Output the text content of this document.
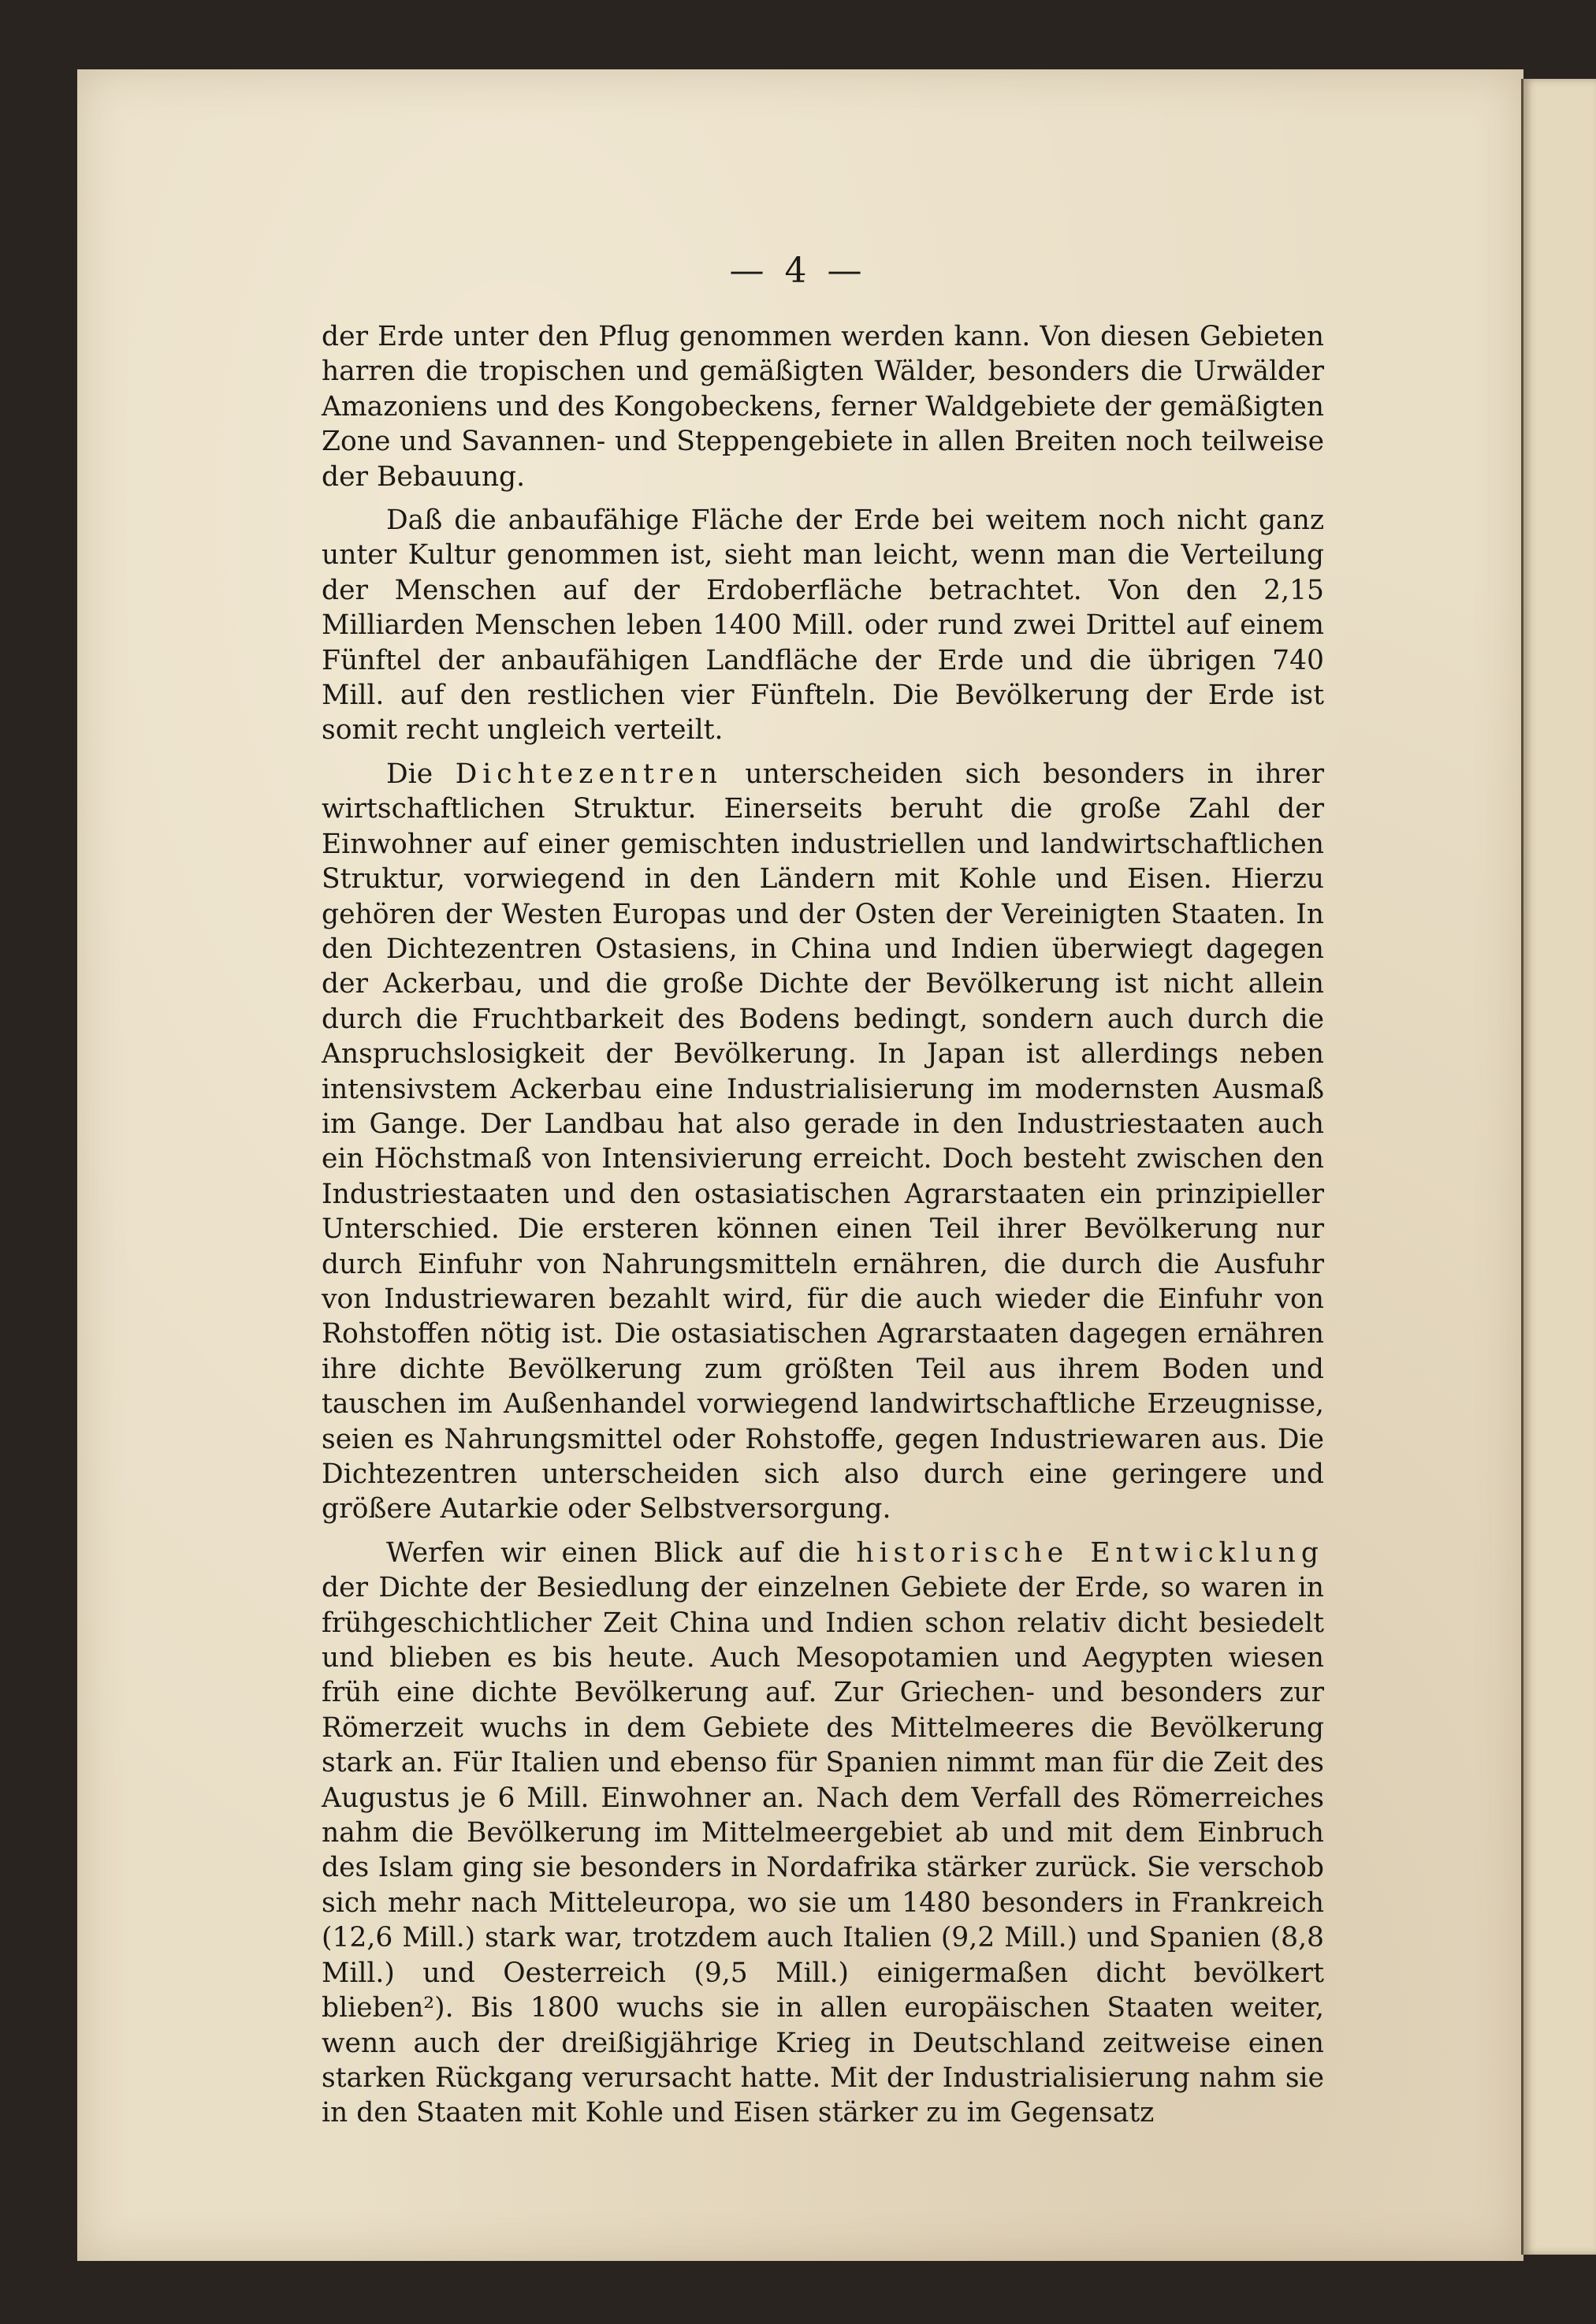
— 4 —

der Erde unter den Pflug genommen werden kann. Von diesen Gebieten harren die tropischen und gemäßigten Wälder, besonders die Urwälder Amazoniens und des Kongobeckens, ferner Waldgebiete der gemäßigten Zone und Savannen- und Steppengebiete in allen Breiten noch teilweise der Bebauung.

Daß die anbaufähige Fläche der Erde bei weitem noch nicht ganz unter Kultur genommen ist, sieht man leicht, wenn man die Verteilung der Menschen auf der Erdoberfläche betrachtet. Von den 2,15 Milliarden Menschen leben 1400 Mill. oder rund zwei Drittel auf einem Fünftel der anbaufähigen Landfläche der Erde und die übrigen 740 Mill. auf den restlichen vier Fünfteln. Die Bevölkerung der Erde ist somit recht ungleich verteilt.

Die Dichtezentren unterscheiden sich besonders in ihrer wirtschaftlichen Struktur. Einerseits beruht die große Zahl der Einwohner auf einer gemischten industriellen und landwirtschaftlichen Struktur, vorwiegend in den Ländern mit Kohle und Eisen. Hierzu gehören der Westen Europas und der Osten der Vereinigten Staaten. In den Dichtezentren Ostasiens, in China und Indien überwiegt dagegen der Ackerbau, und die große Dichte der Bevölkerung ist nicht allein durch die Fruchtbarkeit des Bodens bedingt, sondern auch durch die Anspruchslosigkeit der Bevölkerung. In Japan ist allerdings neben intensivstem Ackerbau eine Industrialisierung im modernsten Ausmaß im Gange. Der Landbau hat also gerade in den Industriestaaten auch ein Höchstmaß von Intensivierung erreicht. Doch besteht zwischen den Industriestaaten und den ostasiatischen Agrarstaaten ein prinzipieller Unterschied. Die ersteren können einen Teil ihrer Bevölkerung nur durch Einfuhr von Nahrungsmitteln ernähren, die durch die Ausfuhr von Industriewaren bezahlt wird, für die auch wieder die Einfuhr von Rohstoffen nötig ist. Die ostasiatischen Agrarstaaten dagegen ernähren ihre dichte Bevölkerung zum größten Teil aus ihrem Boden und tauschen im Außenhandel vorwiegend landwirtschaftliche Erzeugnisse, seien es Nahrungsmittel oder Rohstoffe, gegen Industriewaren aus. Die Dichtezentren unterscheiden sich also durch eine geringere und größere Autarkie oder Selbstversorgung.

Werfen wir einen Blick auf die historische Entwicklung der Dichte der Besiedlung der einzelnen Gebiete der Erde, so waren in frühgeschichtlicher Zeit China und Indien schon relativ dicht besiedelt und blieben es bis heute. Auch Mesopotamien und Aegypten wiesen früh eine dichte Bevölkerung auf. Zur Griechen- und besonders zur Römerzeit wuchs in dem Gebiete des Mittelmeeres die Bevölkerung stark an. Für Italien und ebenso für Spanien nimmt man für die Zeit des Augustus je 6 Mill. Einwohner an. Nach dem Verfall des Römerreiches nahm die Bevölkerung im Mittelmeergebiet ab und mit dem Einbruch des Islam ging sie besonders in Nordafrika stärker zurück. Sie verschob sich mehr nach Mitteleuropa, wo sie um 1480 besonders in Frankreich (12,6 Mill.) stark war, trotzdem auch Italien (9,2 Mill.) und Spanien (8,8 Mill.) und Oesterreich (9,5 Mill.) einigermaßen dicht bevölkert blieben²). Bis 1800 wuchs sie in allen europäischen Staaten weiter, wenn auch der dreißigjährige Krieg in Deutschland zeitweise einen starken Rückgang verursacht hatte. Mit der Industrialisierung nahm sie in den Staaten mit Kohle und Eisen stärker zu im Gegensatz
